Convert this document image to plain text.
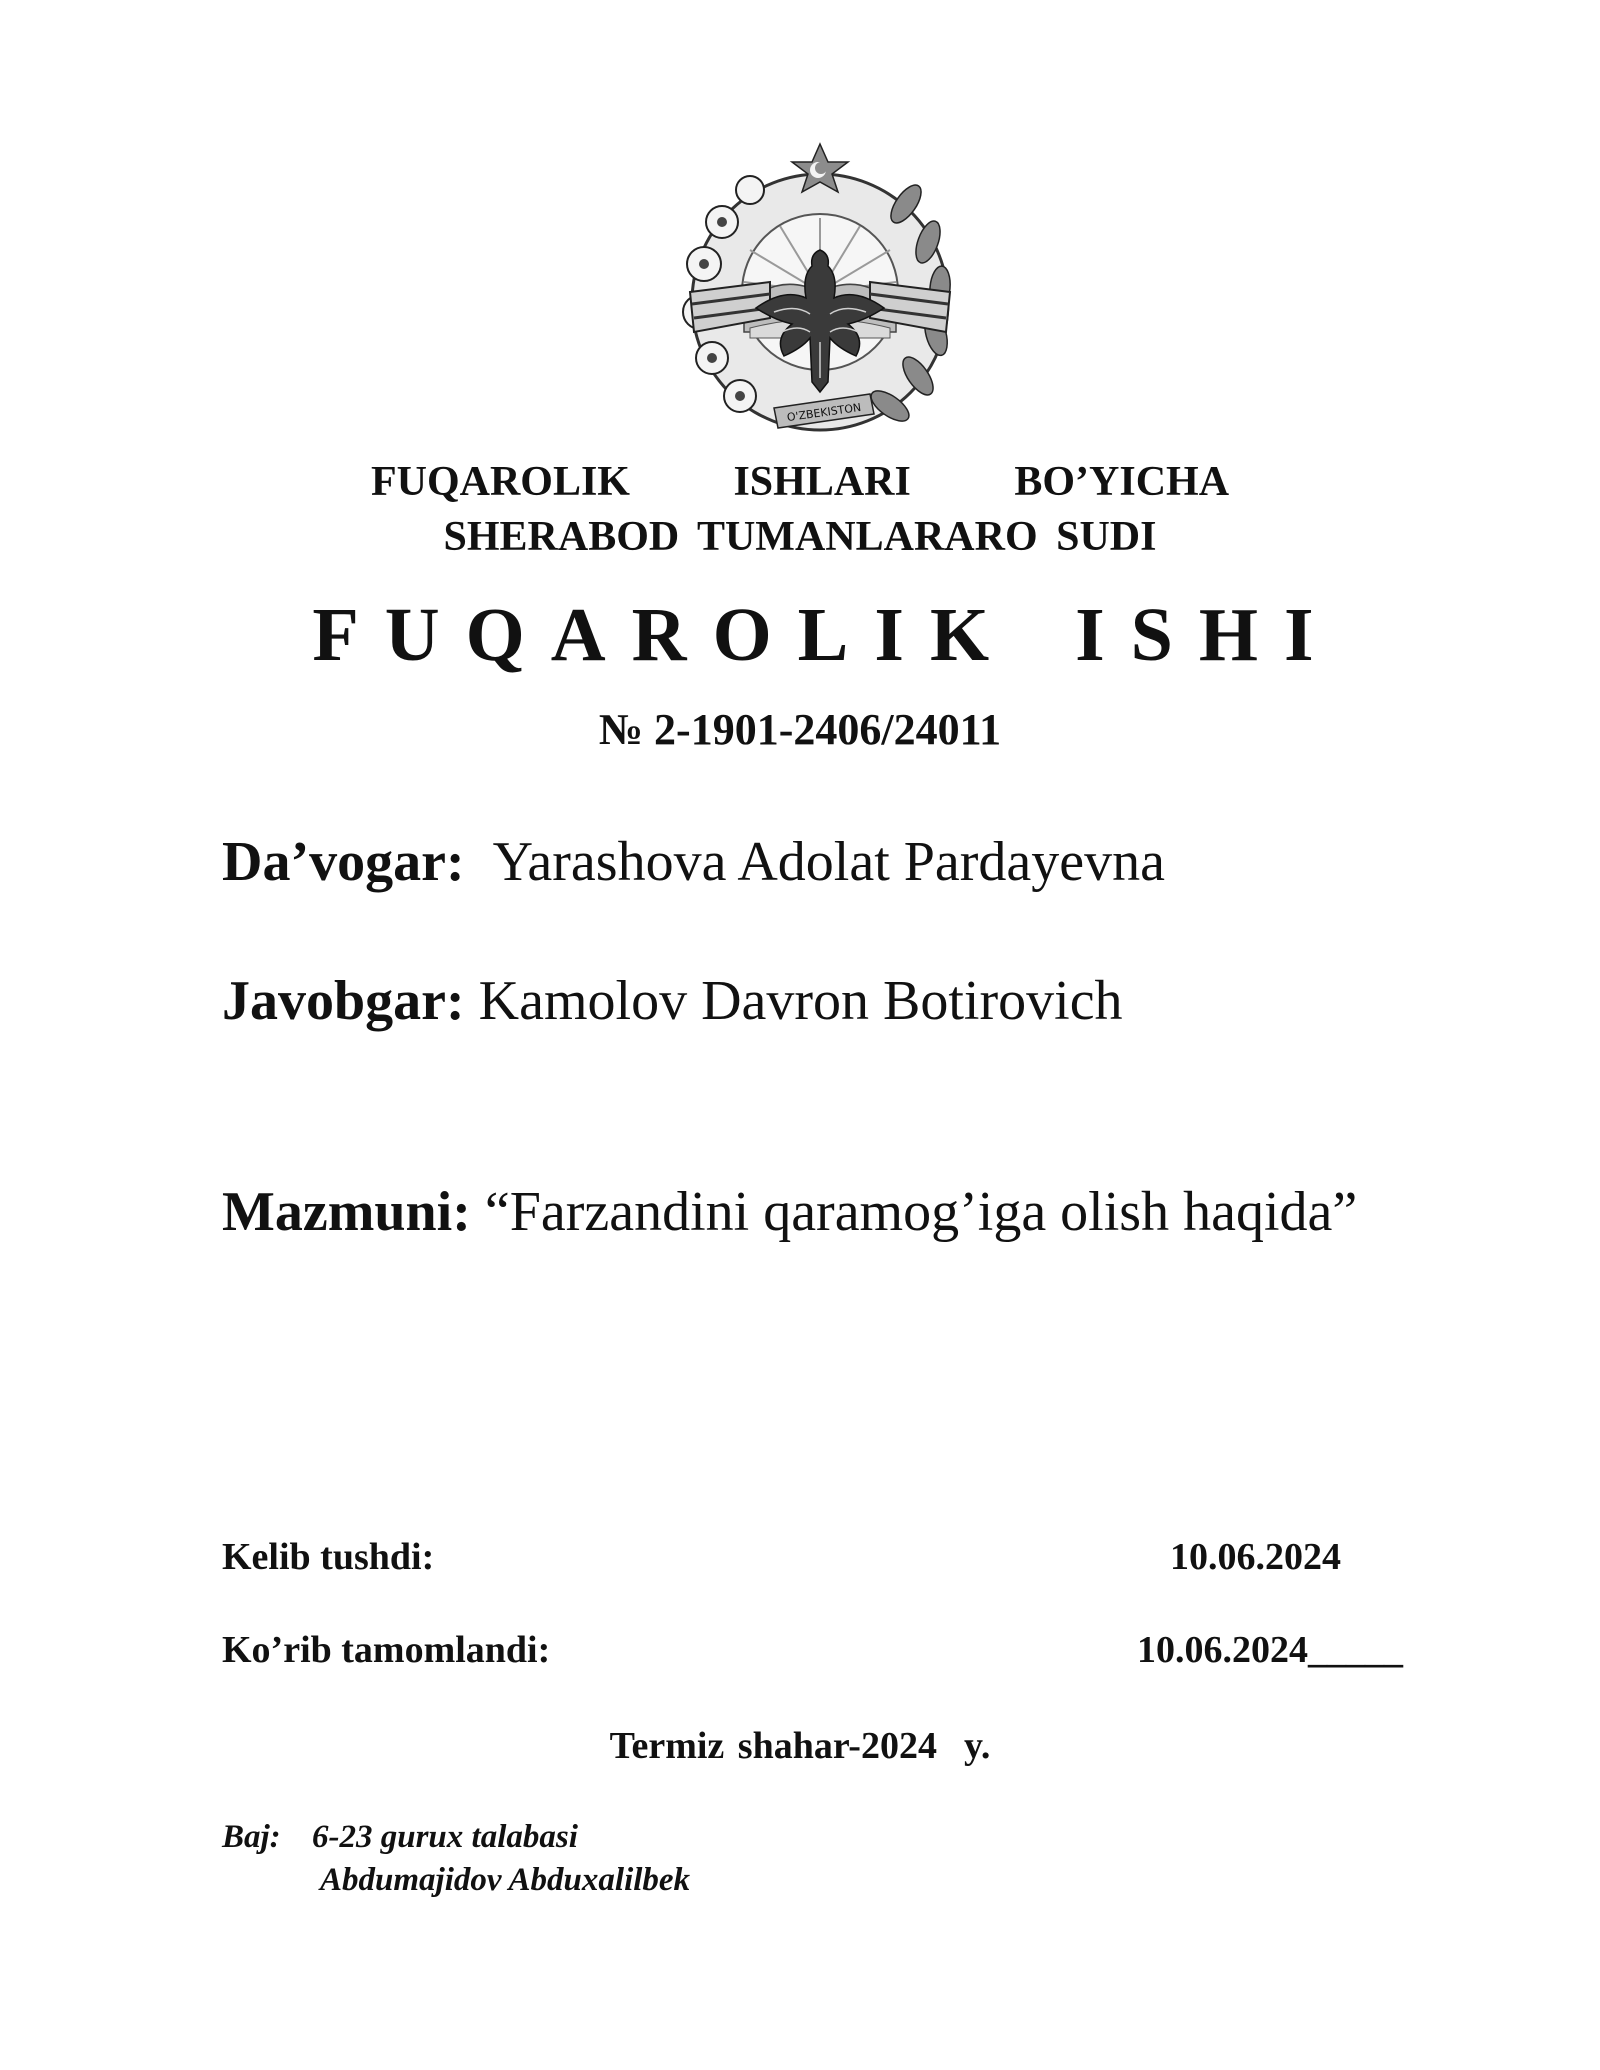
O'ZBEKISTON
FUQAROLIK   ISHLARI   BO’YICHA
SHERABOD TUMANLARARO SUDI
FUQAROLIK ISHI
№ 2-1901-2406/24011
Da’vogar: Yarashova Adolat Pardayevna
Javobgar: Kamolov Davron Botirovich
Mazmuni: “Farzandini qaramog’iga olish haqida”
Kelib tushdi:	10.06.2024
Ko’rib tamomlandi:	10.06.2024_____
Termiz shahar-2024  y.
Baj: 6-23 gurux talabasi
Abdumajidov Abduxalilbek
